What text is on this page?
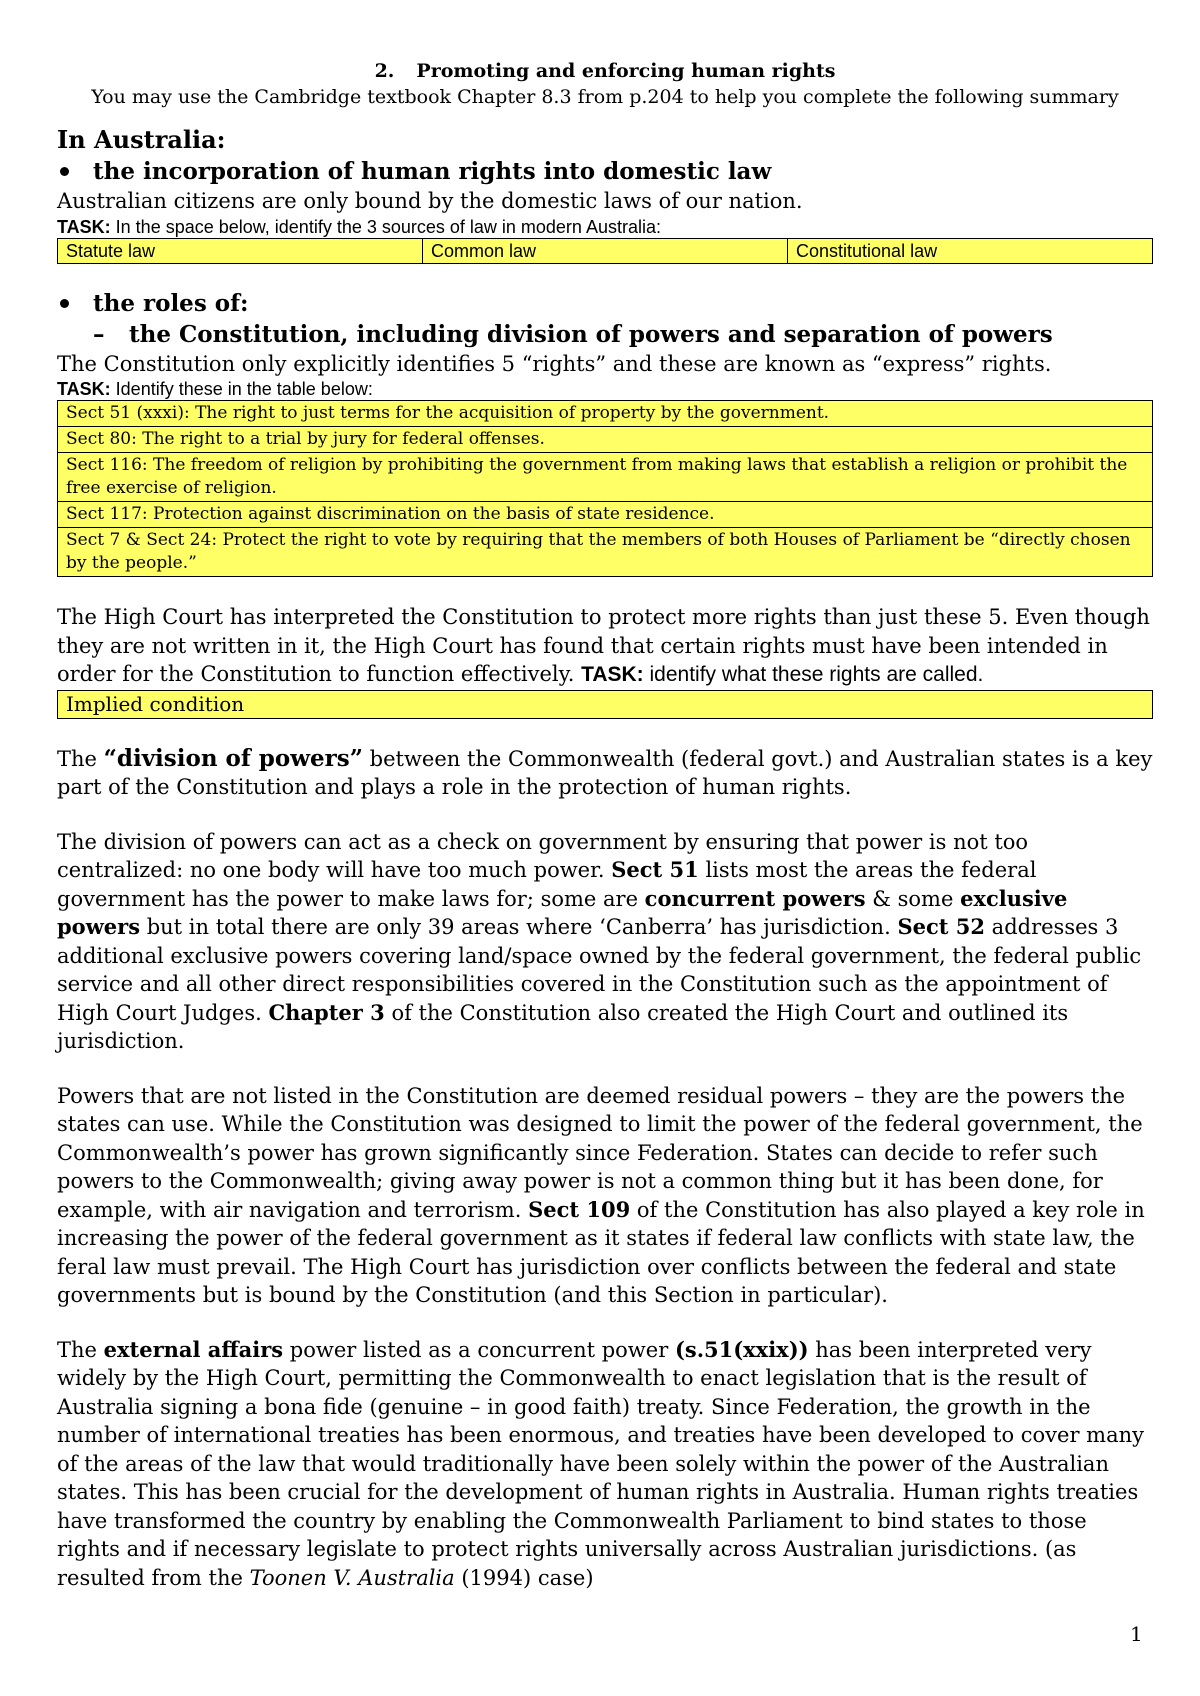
2. Promoting and enforcing human rights
You may use the Cambridge textbook Chapter 8.3 from p.204 to help you complete the following summary
In Australia:
the incorporation of human rights into domestic law

Australian citizens are only bound by the domestic laws of our nation.

TASK: In the space below, identify the 3 sources of law in modern Australia:
Statute law	Common law	Constitutional law
the roles of:
– the Constitution, including division of powers and separation of powers

The Constitution only explicitly identifies 5 “rights” and these are known as “express” rights.

TASK: Identify these in the table below:
Sect 51 (xxxi): The right to just terms for the acquisition of property by the government.
Sect 80: The right to a trial by jury for federal offenses.
Sect 116: The freedom of religion by prohibiting the government from making laws that establish a religion or prohibit the free exercise of religion.
Sect 117: Protection against discrimination on the basis of state residence.
Sect 7 & Sect 24: Protect the right to vote by requiring that the members of both Houses of Parliament be “directly chosen by the people.”

The High Court has interpreted the Constitution to protect more rights than just these 5. Even though they are not written in it, the High Court has found that certain rights must have been intended in order for the Constitution to function effectively. TASK: identify what these rights are called.

Implied condition

The “division of powers” between the Commonwealth (federal govt.) and Australian states is a key part of the Constitution and plays a role in the protection of human rights.

The division of powers can act as a check on government by ensuring that power is not too centralized: no one body will have too much power. Sect 51 lists most the areas the federal government has the power to make laws for; some are concurrent powers & some exclusive powers but in total there are only 39 areas where ‘Canberra’ has jurisdiction. Sect 52 addresses 3 additional exclusive powers covering land/space owned by the federal government, the federal public service and all other direct responsibilities covered in the Constitution such as the appointment of High Court Judges. Chapter 3 of the Constitution also created the High Court and outlined its jurisdiction.

Powers that are not listed in the Constitution are deemed residual powers – they are the powers the states can use. While the Constitution was designed to limit the power of the federal government, the Commonwealth’s power has grown significantly since Federation. States can decide to refer such powers to the Commonwealth; giving away power is not a common thing but it has been done, for example, with air navigation and terrorism. Sect 109 of the Constitution has also played a key role in increasing the power of the federal government as it states if federal law conflicts with state law, the feral law must prevail. The High Court has jurisdiction over conflicts between the federal and state governments but is bound by the Constitution (and this Section in particular).

The external affairs power listed as a concurrent power (s.51(xxix)) has been interpreted very widely by the High Court, permitting the Commonwealth to enact legislation that is the result of Australia signing a bona fide (genuine – in good faith) treaty. Since Federation, the growth in the number of international treaties has been enormous, and treaties have been developed to cover many of the areas of the law that would traditionally have been solely within the power of the Australian states. This has been crucial for the development of human rights in Australia. Human rights treaties have transformed the country by enabling the Commonwealth Parliament to bind states to those rights and if necessary legislate to protect rights universally across Australian jurisdictions. (as resulted from the Toonen V. Australia (1994) case)

1
